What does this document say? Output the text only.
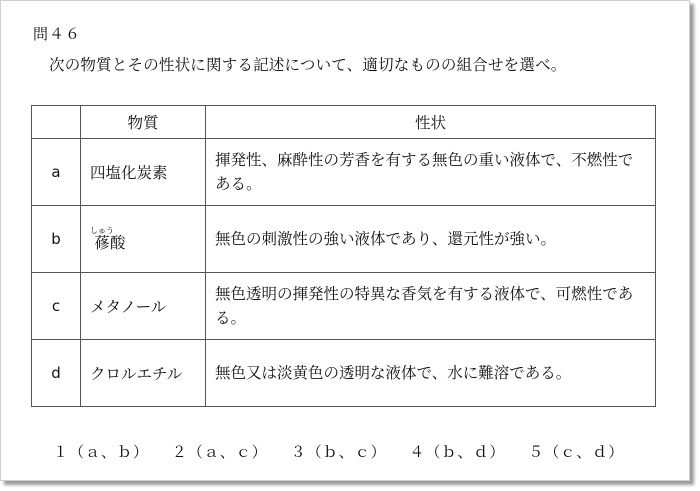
問４６
次の物質とその性状に関する記述について、適切なものの組合せを選べ。
	物質	性状
a	四塩化炭素	揮発性、麻酔性の芳香を有する無色の重い液体で、不燃性である。
b	蓚しゅう酸	無色の刺激性の強い液体であり、還元性が強い。
c	メタノール	無色透明の揮発性の特異な香気を有する液体で、可燃性である。
d	クロルエチル	無色又は淡黄色の透明な液体で、水に難溶である。
１（ａ、ｂ） ２（ａ、ｃ） ３（ｂ、ｃ） ４（ｂ、ｄ） ５（ｃ、ｄ）
